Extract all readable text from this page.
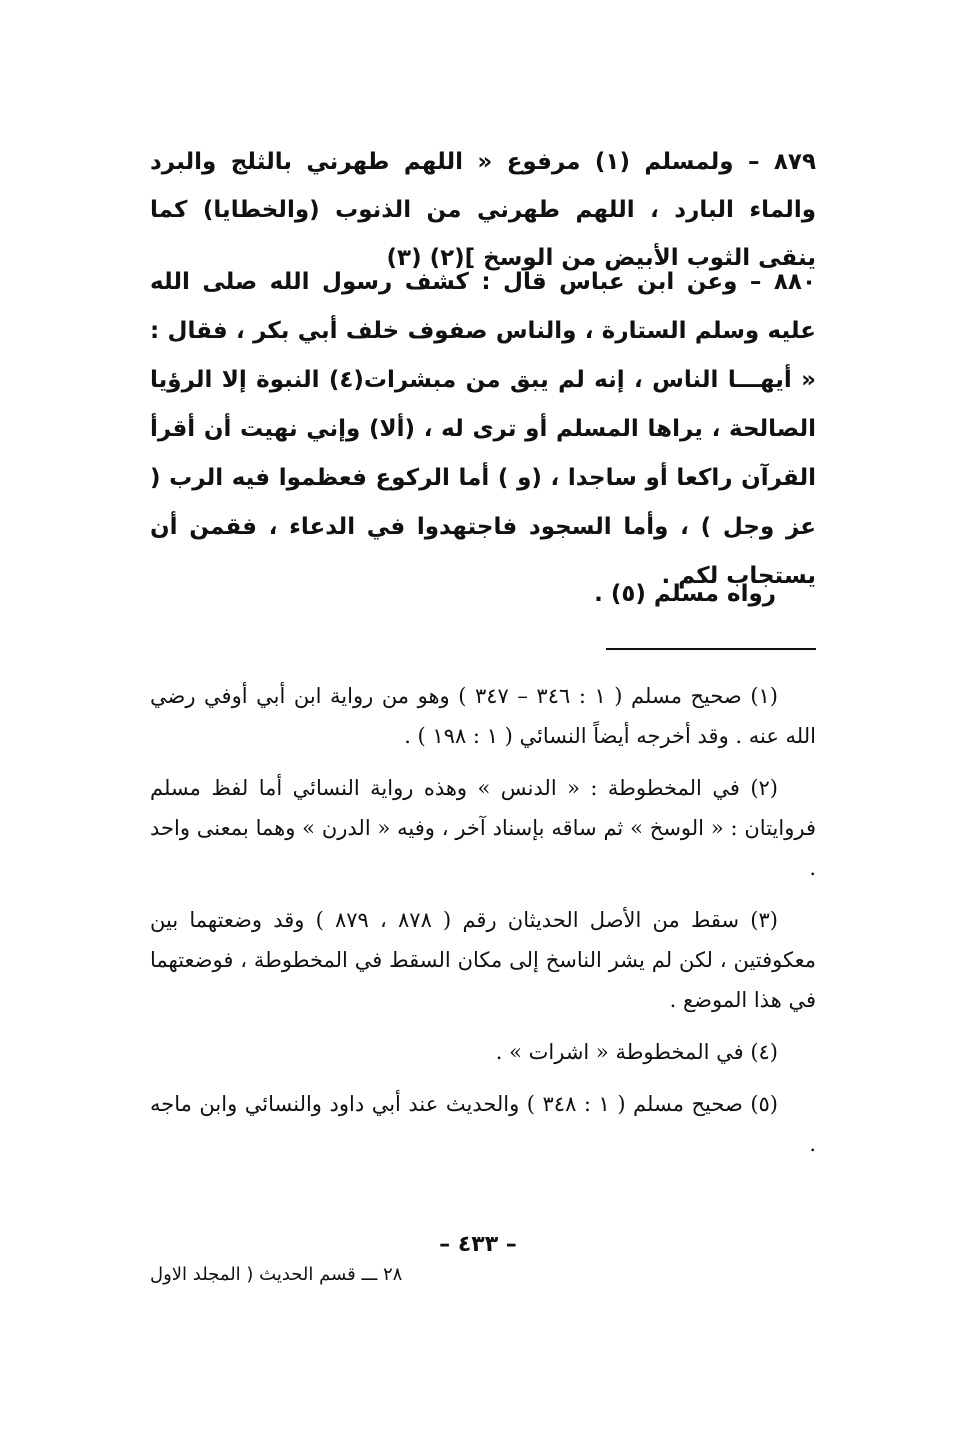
٨٧٩ – ولمسلم (١) مرفوع « اللهم طهرني بالثلج والبرد والماء البارد ، اللهم طهرني من الذنوب (والخطايا) كما ينقى الثوب الأبيض من الوسخ ](٢) (٣)

٨٨٠ – وعن ابن عباس قال : كشف رسول الله صلى الله عليه وسلم الستارة ، والناس صفوف خلف أبي بكر ، فقال : « أيهـــا الناس ، إنه لم يبق من مبشرات(٤) النبوة إلا الرؤيا الصالحة ، يراها المسلم أو ترى له ، (ألا) وإني نهيت أن أقرأ القرآن راكعا أو ساجدا ، (و ) أما الركوع فعظموا فيه الرب ( عز وجل ) ، وأما السجود فاجتهدوا في الدعاء ، فقمن أن يستجاب لكم .

رواه مسلم (٥) .

(١) صحيح مسلم ( ١ : ٣٤٦ – ٣٤٧ ) وهو من رواية ابن أبي أوفي رضي الله عنه . وقد أخرجه أيضاً النسائي ( ١ : ١٩٨ ) .

(٢) في المخطوطة : « الدنس » وهذه رواية النسائي أما لفظ مسلم فروايتان : « الوسخ » ثم ساقه بإسناد آخر ، وفيه « الدرن » وهما بمعنى واحد .

(٣) سقط من الأصل الحديثان رقم ( ٨٧٨ ، ٨٧٩ ) وقد وضعتهما بين معكوفتين ، لكن لم يشر الناسخ إلى مكان السقط في المخطوطة ، فوضعتهما في هذا الموضع .

(٤) في المخطوطة « اشرات » .

(٥) صحيح مسلم ( ١ : ٣٤٨ ) والحديث عند أبي داود والنسائي وابن ماجه .

– ٤٣٣ –
٢٨ ـــ قسم الحديث ( المجلد الاول
